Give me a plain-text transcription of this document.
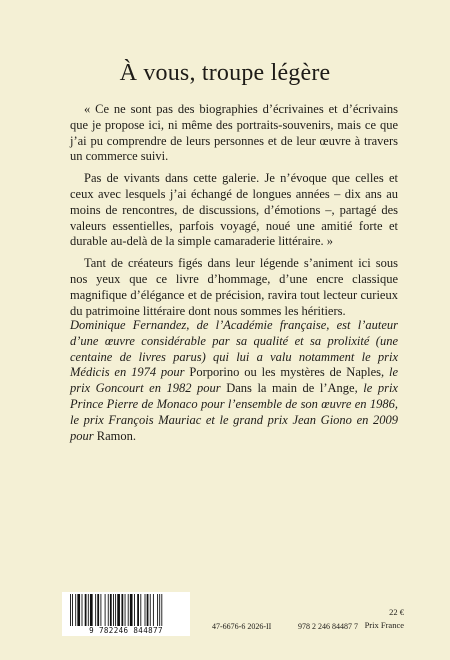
À vous, troupe légère

« Ce ne sont pas des biographies d’écrivaines et d’écrivains que je propose ici, ni même des portraits-souvenirs, mais ce que j’ai pu comprendre de leurs personnes et de leur œuvre à travers un commerce suivi.

Pas de vivants dans cette galerie. Je n’évoque que celles et ceux avec lesquels j’ai échangé de longues années – dix ans au moins de rencontres, de discussions, d’émotions –, partagé des valeurs essentielles, parfois voyagé, noué une amitié forte et durable au-delà de la simple camaraderie littéraire. »

Tant de créateurs figés dans leur légende s’animent ici sous nos yeux que ce livre d’hommage, d’une encre classique magnifique d’élégance et de précision, ravira tout lecteur curieux du patrimoine littéraire dont nous sommes les héritiers.

Dominique Fernandez, de l’Académie française, est l’auteur d’une œuvre considérable par sa qualité et sa prolixité (une centaine de livres parus) qui lui a valu notamment le prix Médicis en 1974 pour Porporino ou les mystères de Naples, le prix Goncourt en 1982 pour Dans la main de l’Ange, le prix Prince Pierre de Monaco pour l’ensemble de son œuvre en 1986, le prix François Mauriac et le grand prix Jean Giono en 2009 pour Ramon.

9 782246 844877	47-6676-6 2026-II	978 2 246 84487 7
22 €
Prix France
